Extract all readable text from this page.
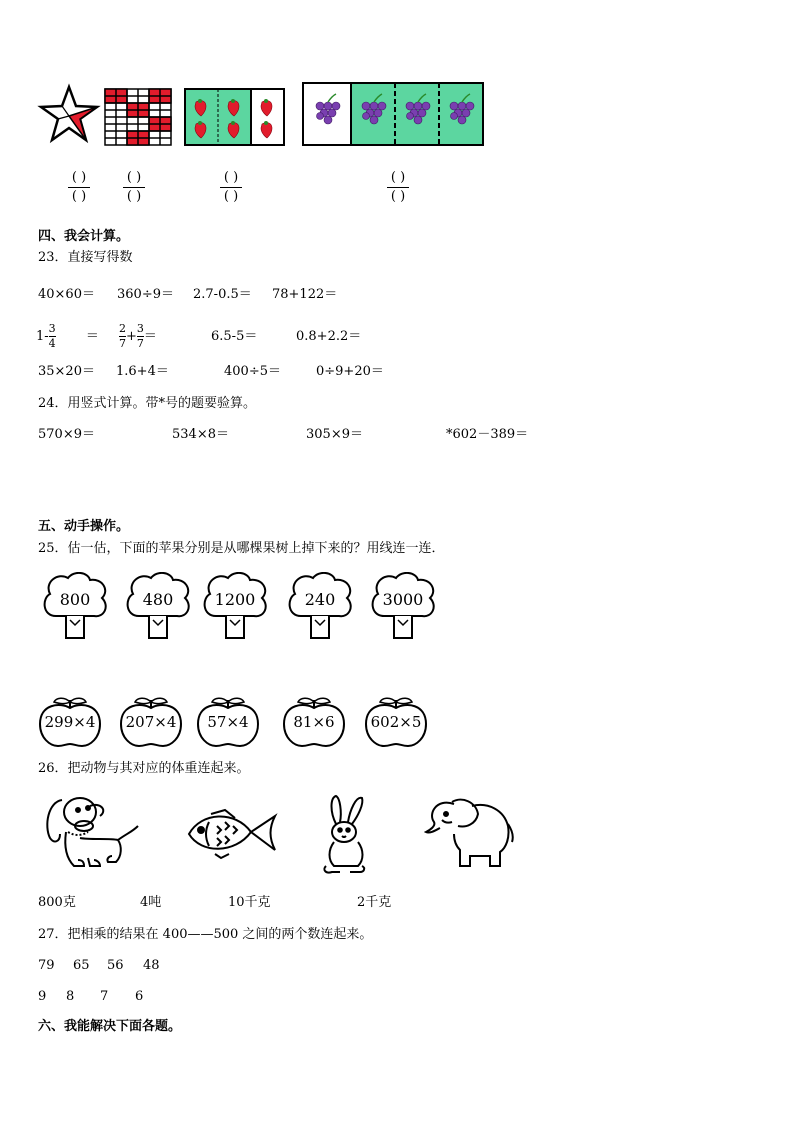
( )
( )
( )
( )
( )
( )
( )
( )
四、我会计算。
23．直接写得数
40×60＝ 360÷9＝ 2.7-0.5＝ 78+122＝
$1- \frac{3}{4} = \frac{2}{7} + \frac{3}{7}$ ＝	6.5-5＝	0.8+2.2＝
35×20＝ 1.6+4＝	400÷5＝	0÷9+20＝
24．用竖式计算。带*号的题要验算。
570×9＝	534×8＝	305×9＝	*602－389＝
五、动手操作。
25．估一估，下面的苹果分别是从哪棵果树上掉下来的？用线连一连．
800	480	1200	240	3000
299×4	207×4	57×4	81×6	602×5
26．把动物与其对应的体重连起来。
800克	4吨	10千克	2千克
27．把相乘的结果在 400——500 之间的两个数连起来。
79 65 56 48
9 8 7 6
六、我能解决下面各题。
